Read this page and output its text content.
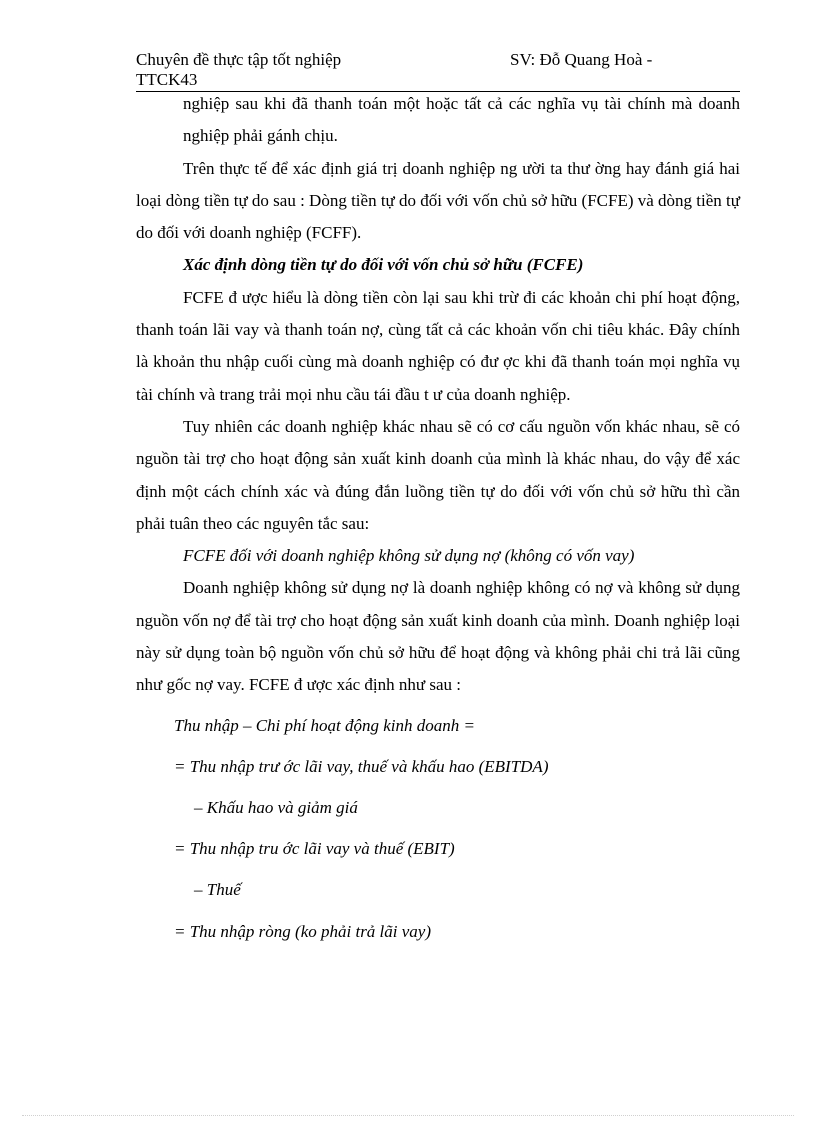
Chuyên đề thực tập tốt nghiệp
TTCK43
SV: Đỗ Quang Hoà -

nghiệp sau khi đã thanh toán một hoặc tất cả các nghĩa vụ tài chính mà doanh nghiệp phải gánh chịu.

Trên thực tế để xác định giá trị doanh nghiệp ng ười ta thư ờng hay đánh giá hai loại dòng tiền tự do sau : Dòng tiền tự do đối với vốn chủ sở hữu (FCFE) và dòng tiền tự do đối với doanh nghiệp (FCFF).

Xác định dòng tiền tự do đối với vốn chủ sở hữu (FCFE)

FCFE đ ược hiểu là dòng tiền còn lại sau khi trừ đi các khoản chi phí hoạt động, thanh toán lãi vay và thanh toán nợ, cùng tất cả các khoản vốn chi tiêu khác. Đây chính là khoản thu nhập cuối cùng mà doanh nghiệp có đư ợc khi đã thanh toán mọi nghĩa vụ tài chính và trang trải mọi nhu cầu tái đầu t ư của doanh nghiệp.

Tuy nhiên các doanh nghiệp khác nhau sẽ có cơ cấu nguồn vốn khác nhau, sẽ có nguồn tài trợ cho hoạt động sản xuất kinh doanh của mình là khác nhau, do vậy để xác định một cách chính xác và đúng đắn luồng tiền tự do đối với vốn chủ sở hữu thì cần phải tuân theo các nguyên tắc sau:

FCFE đối với doanh nghiệp không sử dụng nợ (không có vốn vay)

Doanh nghiệp không sử dụng nợ là doanh nghiệp không có nợ và không sử dụng nguồn vốn nợ để tài trợ cho hoạt động sản xuất kinh doanh của mình. Doanh nghiệp loại này sử dụng toàn bộ nguồn vốn chủ sở hữu để hoạt động và không phải chi trả lãi cũng như gốc nợ vay. FCFE đ ược xác định như sau :

Thu nhập – Chi phí hoạt động kinh doanh =

= Thu nhập trư ớc lãi vay, thuế và khấu hao (EBITDA)

– Khấu hao và giảm giá

= Thu nhập tru ớc lãi vay và thuế (EBIT)

– Thuế

= Thu nhập ròng (ko phải trả lãi vay)
